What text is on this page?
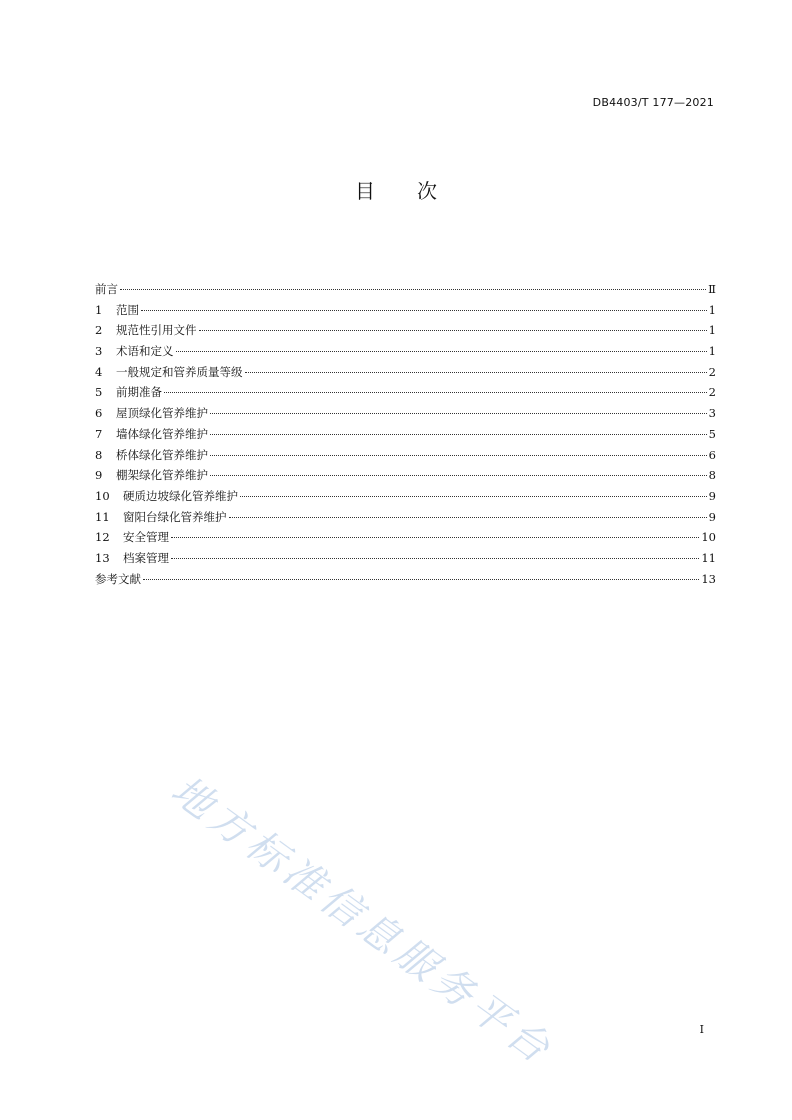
DB4403/T 177—2021
目 次
前言	Ⅱ
1	范围	1
2	规范性引用文件	1
3	术语和定义	1
4	一般规定和管养质量等级	2
5	前期准备	2
6	屋顶绿化管养维护	3
7	墙体绿化管养维护	5
8	桥体绿化管养维护	6
9	棚架绿化管养维护	8
10	硬质边坡绿化管养维护	9
11	窗阳台绿化管养维护	9
12	安全管理	10
13	档案管理	11
参考文献	13
地方标准信息服务平台	I
